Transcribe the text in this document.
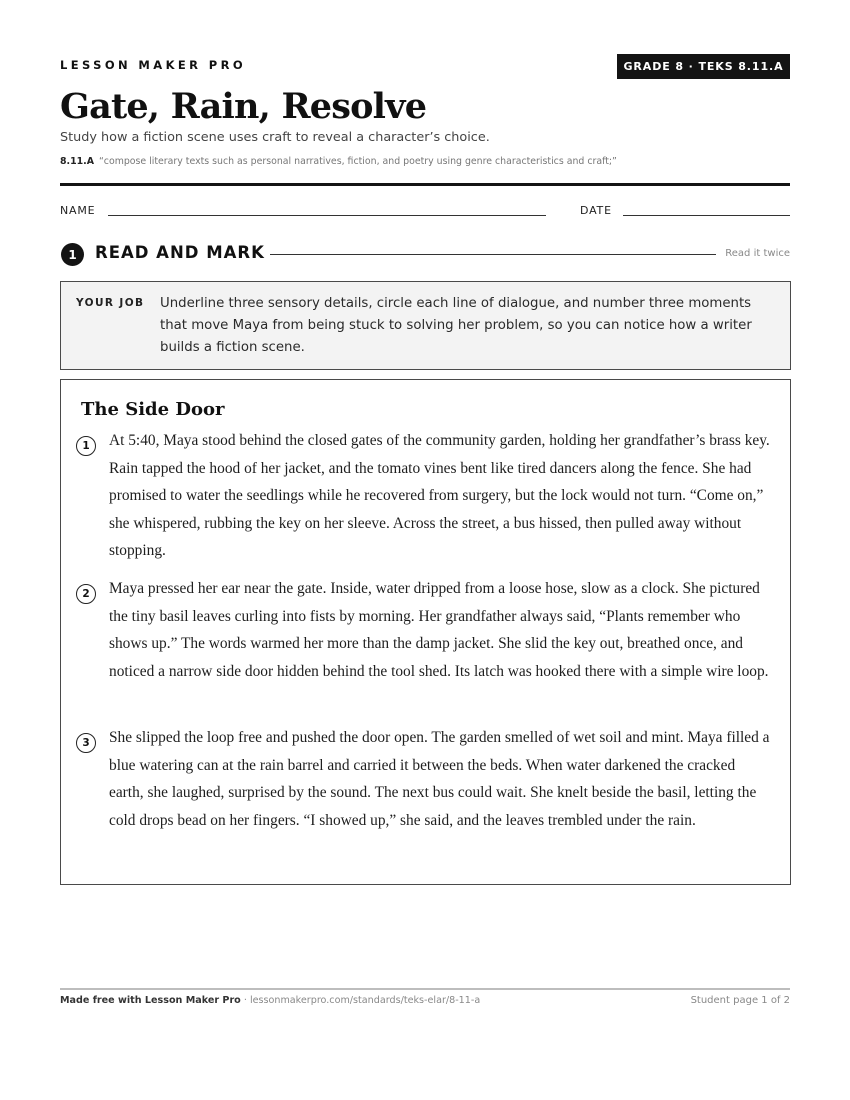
LESSON MAKER PRO	GRADE 8 · TEKS 8.11.A
Gate, Rain, Resolve
Study how a fiction scene uses craft to reveal a character’s choice.
8.11.A “compose literary texts such as personal narratives, fiction, and poetry using genre characteristics and craft;”
NAME	DATE
1	READ AND MARK	Read it twice
YOUR JOB Underline three sensory details, circle each line of dialogue, and number three moments that move Maya from being stuck to solving her problem, so you can notice how a writer builds a fiction scene.
The Side Door
1	At 5:40, Maya stood behind the closed gates of the community garden, holding her grandfather’s brass key. Rain tapped the hood of her jacket, and the tomato vines bent like tired dancers along the fence. She had promised to water the seedlings while he recovered from surgery, but the lock would not turn. “Come on,” she whispered, rubbing the key on her sleeve. Across the street, a bus hissed, then pulled away without stopping.
2	Maya pressed her ear near the gate. Inside, water dripped from a loose hose, slow as a clock. She pictured the tiny basil leaves curling into fists by morning. Her grandfather always said, “Plants remember who shows up.” The words warmed her more than the damp jacket. She slid the key out, breathed once, and noticed a narrow side door hidden behind the tool shed. Its latch was hooked there with a simple wire loop.
3	She slipped the loop free and pushed the door open. The garden smelled of wet soil and mint. Maya filled a blue watering can at the rain barrel and carried it between the beds. When water darkened the cracked earth, she laughed, surprised by the sound. The next bus could wait. She knelt beside the basil, letting the cold drops bead on her fingers. “I showed up,” she said, and the leaves trembled under the rain.
Made free with Lesson Maker Pro · lessonmakerpro.com/standards/teks-elar/8-11-a	Student page 1 of 2
